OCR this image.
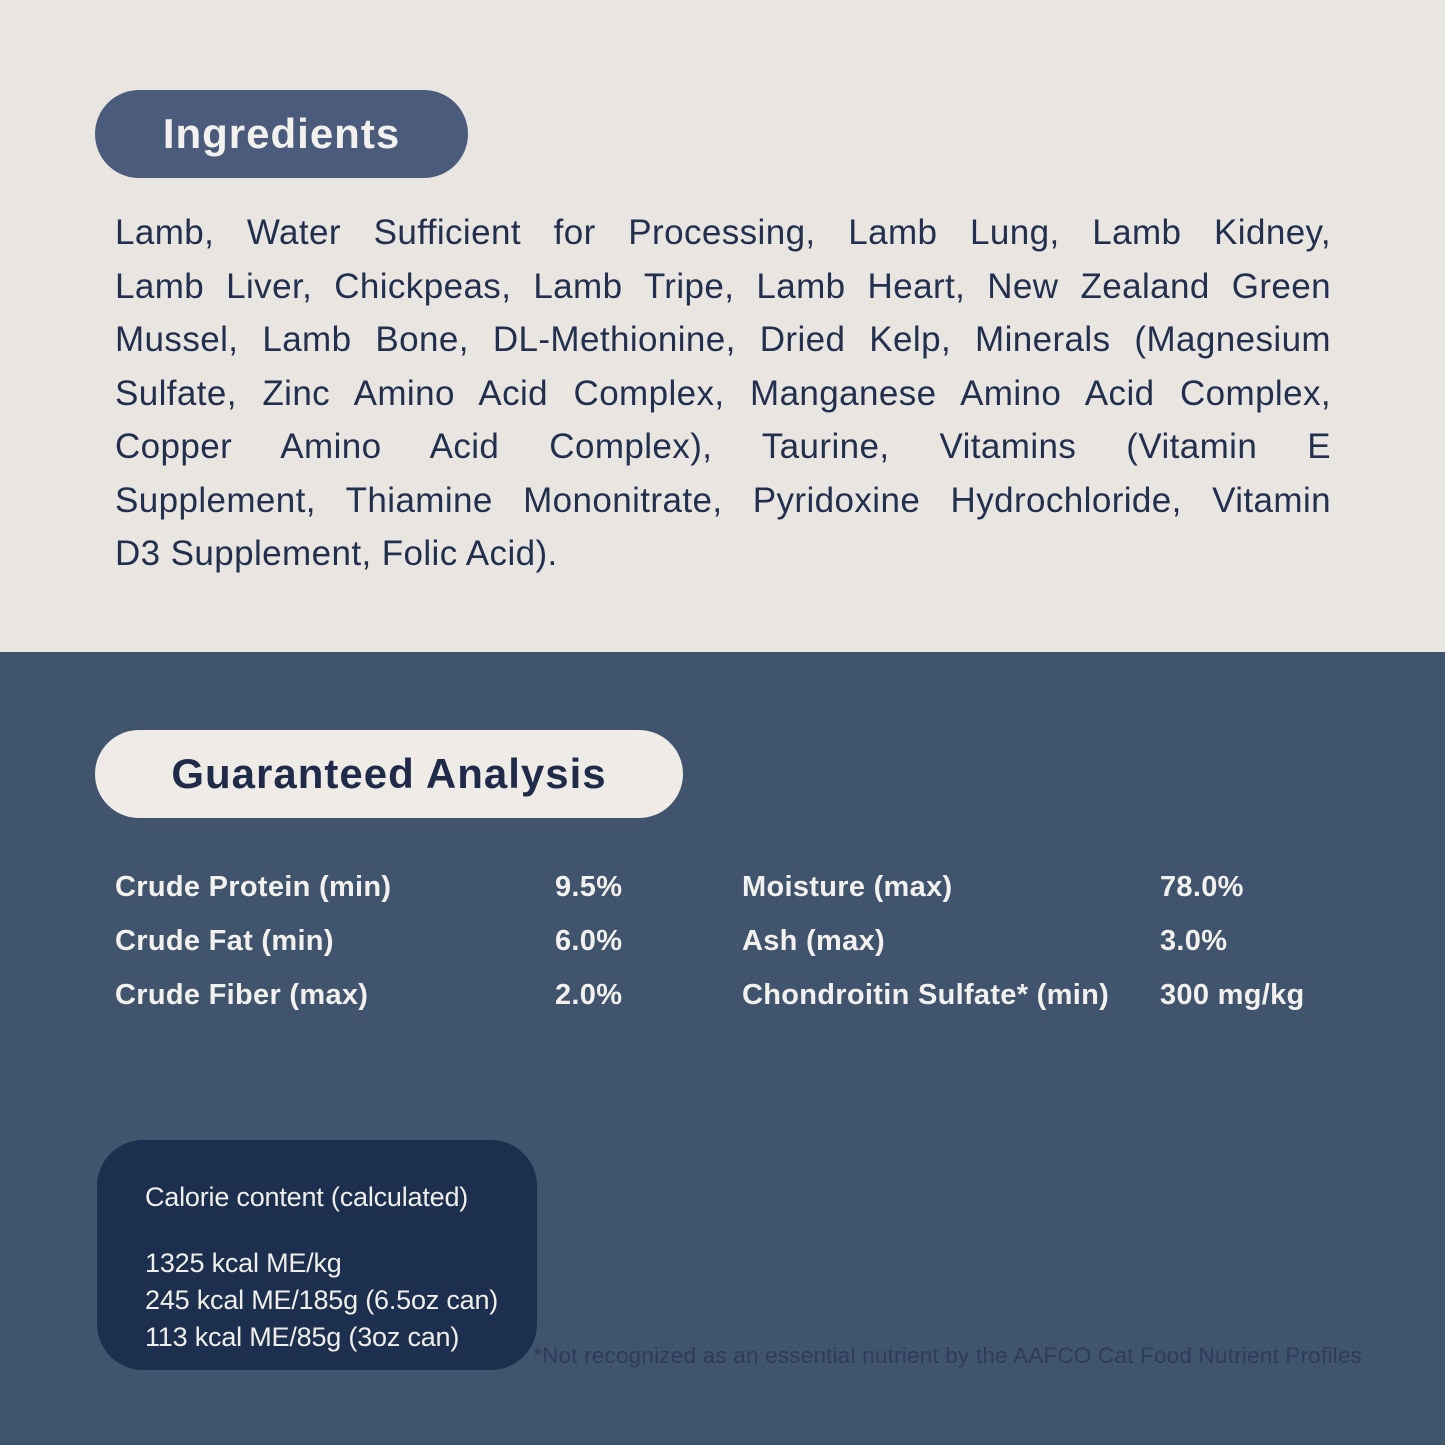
Ingredients
Lamb, Water Sufficient for Processing, Lamb Lung, Lamb Kidney,
Lamb Liver, Chickpeas, Lamb Tripe, Lamb Heart, New Zealand Green
Mussel, Lamb Bone, DL-Methionine, Dried Kelp, Minerals (Magnesium
Sulfate, Zinc Amino Acid Complex, Manganese Amino Acid Complex,
Copper Amino Acid Complex), Taurine, Vitamins (Vitamin E
Supplement, Thiamine Mononitrate, Pyridoxine Hydrochloride, Vitamin
D3 Supplement, Folic Acid).
Guaranteed Analysis
Crude Protein (min)	9.5%	Moisture (max)	78.0%
Crude Fat (min)	6.0%	Ash (max)	3.0%
Crude Fiber (max)	2.0%	Chondroitin Sulfate* (min)	300 mg/kg
Calorie content (calculated)
1325 kcal ME/kg
245 kcal ME/185g (6.5oz can)
113 kcal ME/85g (3oz can)
*Not recognized as an essential nutrient by the AAFCO Cat Food Nutrient Profiles
